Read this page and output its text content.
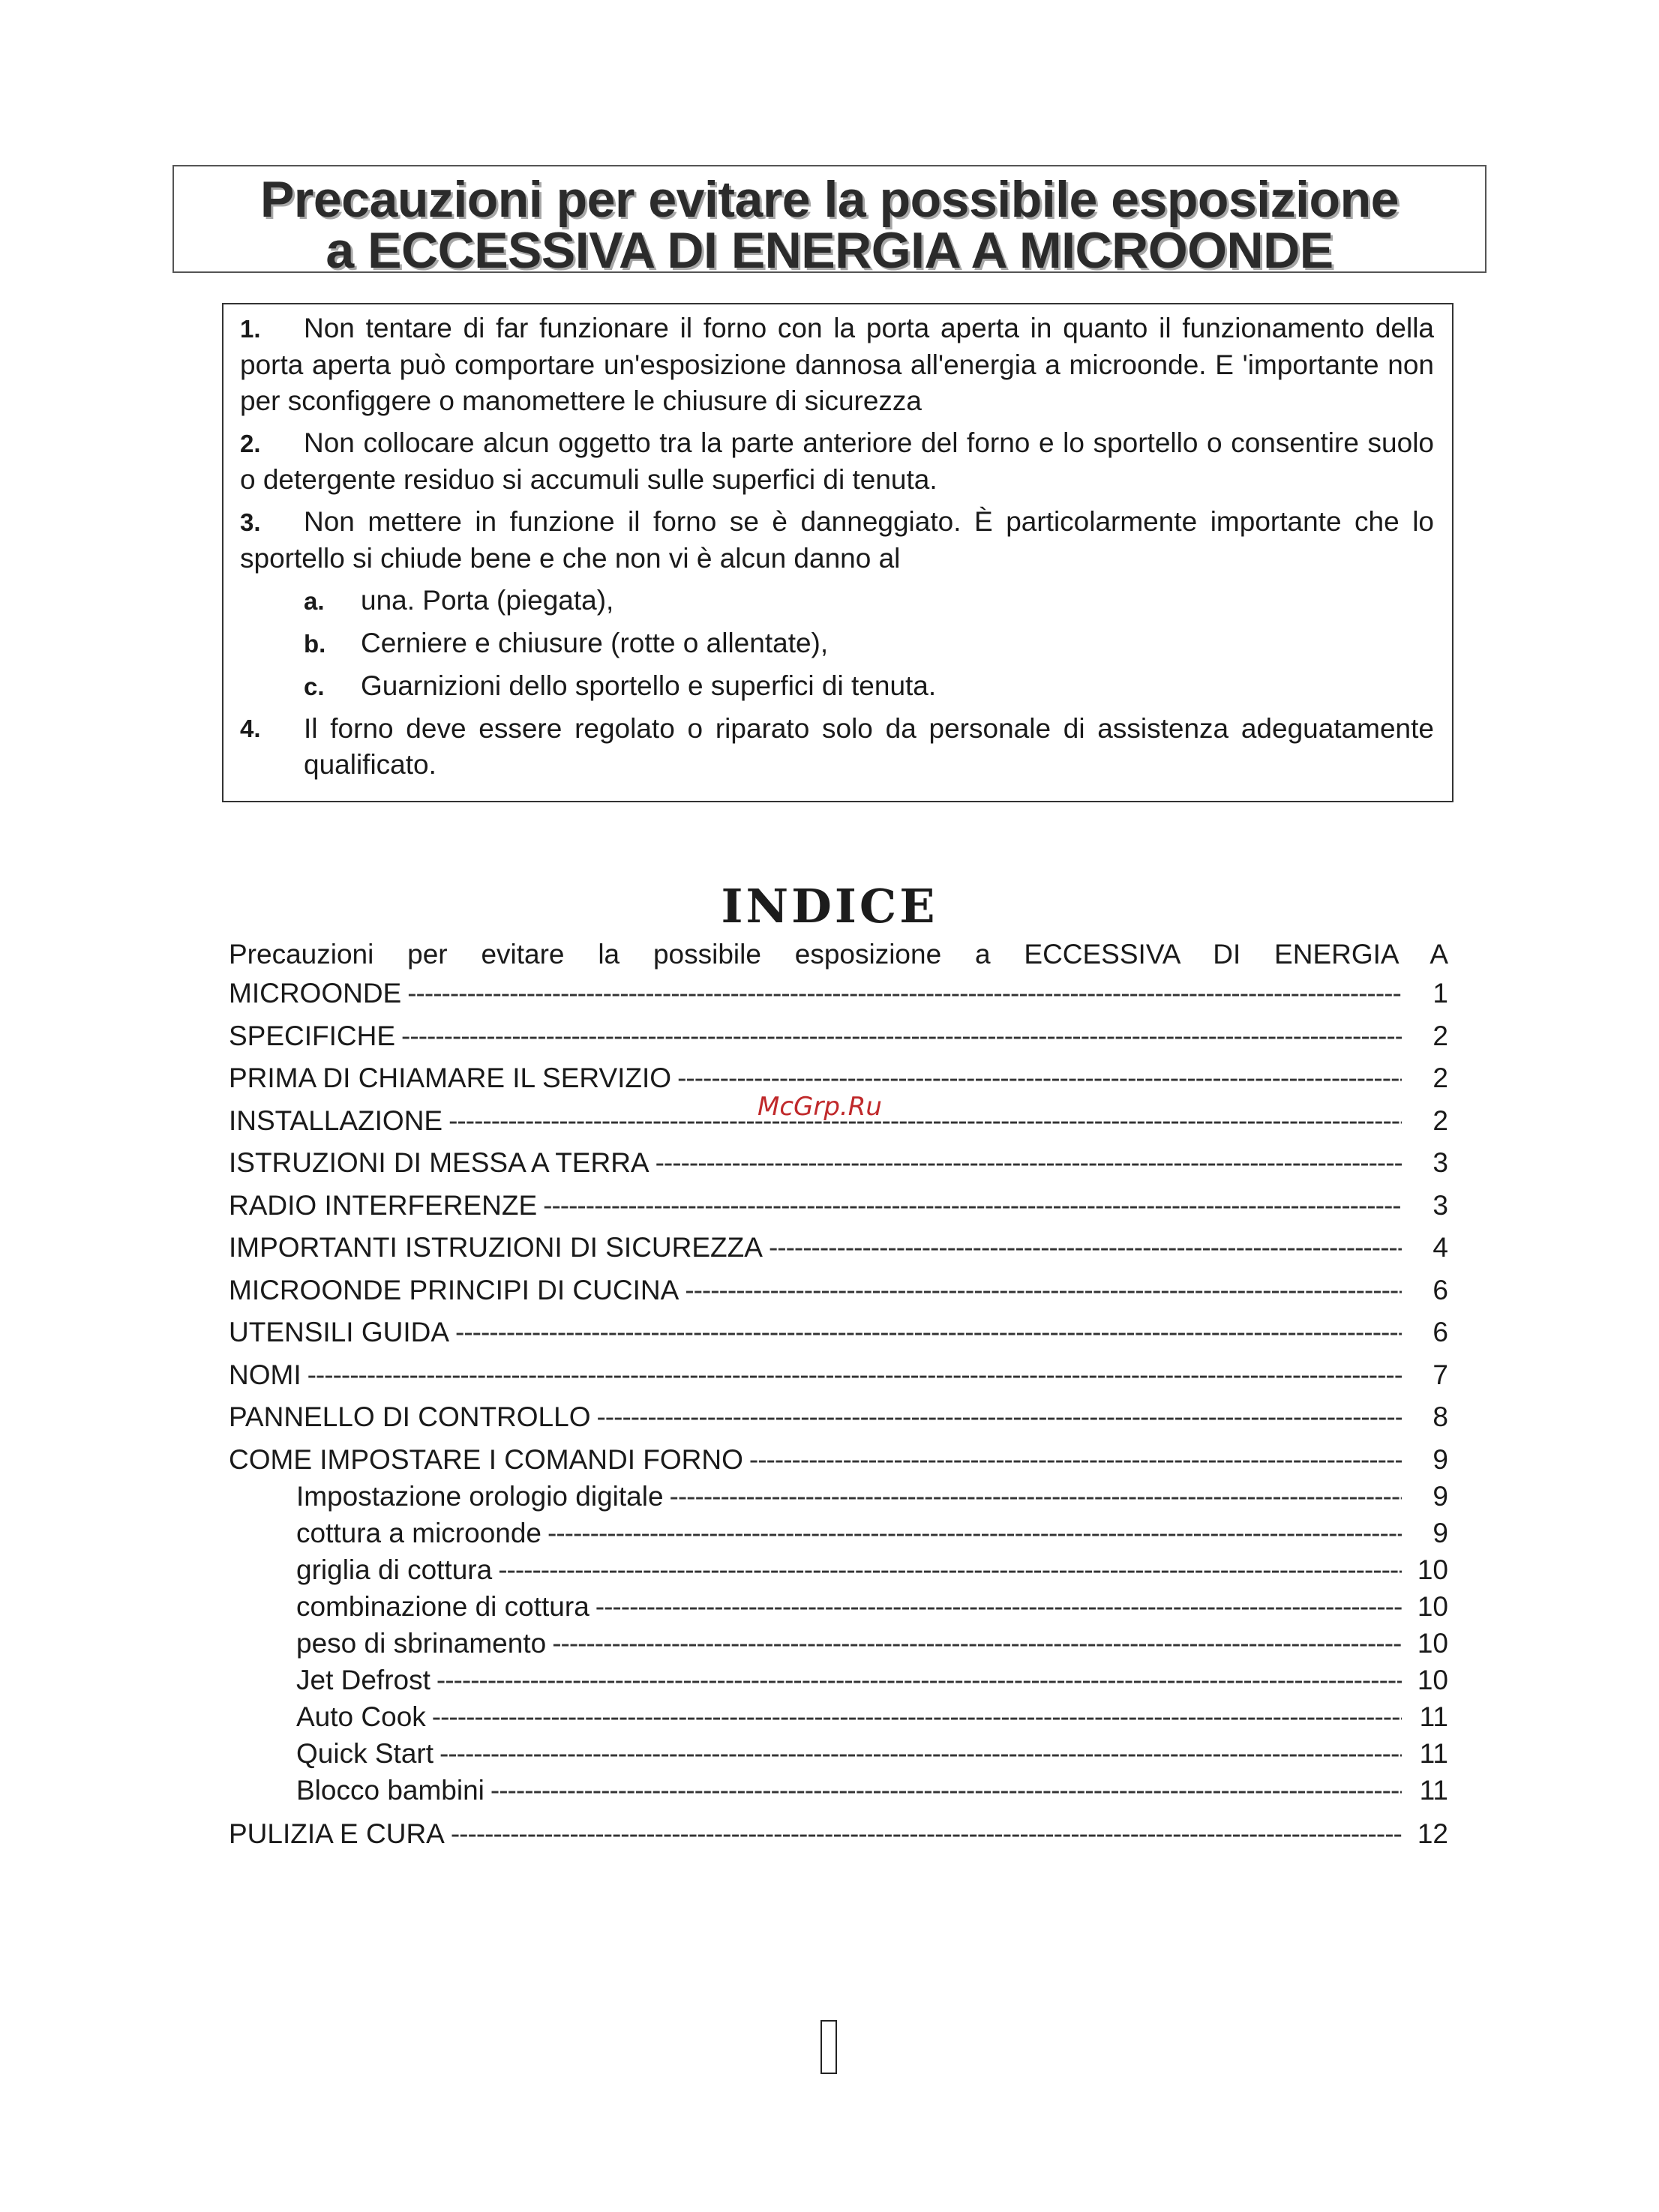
Precauzioni per evitare la possibile esposizione
a ECCESSIVA DI ENERGIA A MICROONDE
1. Non tentare di far funzionare il forno con la porta aperta in quanto il funzionamento della porta aperta può comportare un'esposizione dannosa all'energia a microonde. E 'importante non per sconfiggere o manomettere le chiusure di sicurezza
2. Non collocare alcun oggetto tra la parte anteriore del forno e lo sportello o consentire suolo o detergente residuo si accumuli sulle superfici di tenuta.
3. Non mettere in funzione il forno se è danneggiato. È particolarmente importante che lo sportello si chiude bene e che non vi è alcun danno al
a. una. Porta (piegata),
b. Cerniere e chiusure (rotte o allentate),
c. Guarnizioni dello sportello e superfici di tenuta.
4.	Il forno deve essere regolato o riparato solo da personale di assistenza adeguatamente qualificato.
INDICE
McGrp.Ru
Precauzioni per evitare la possibile esposizione a ECCESSIVA DI ENERGIA A
MICROONDE -----	1
SPECIFICHE -----	2
PRIMA DI CHIAMARE IL SERVIZIO -----	2
INSTALLAZIONE -----	2
ISTRUZIONI DI MESSA A TERRA -----	3
RADIO INTERFERENZE -----	3
IMPORTANTI ISTRUZIONI DI SICUREZZA -----	4
MICROONDE PRINCIPI DI CUCINA -----	6
UTENSILI GUIDA -----	6
NOMI -----	7
PANNELLO DI CONTROLLO -----	8
COME IMPOSTARE I COMANDI FORNO -----	9
Impostazione orologio digitale -----	9
cottura a microonde -----	9
griglia di cottura -----	10
combinazione di cottura -----	10
peso di sbrinamento -----	10
Jet Defrost -----	10
Auto Cook -----	11
Quick Start -----	11
Blocco bambini -----	11
PULIZIA E CURA -----	12
